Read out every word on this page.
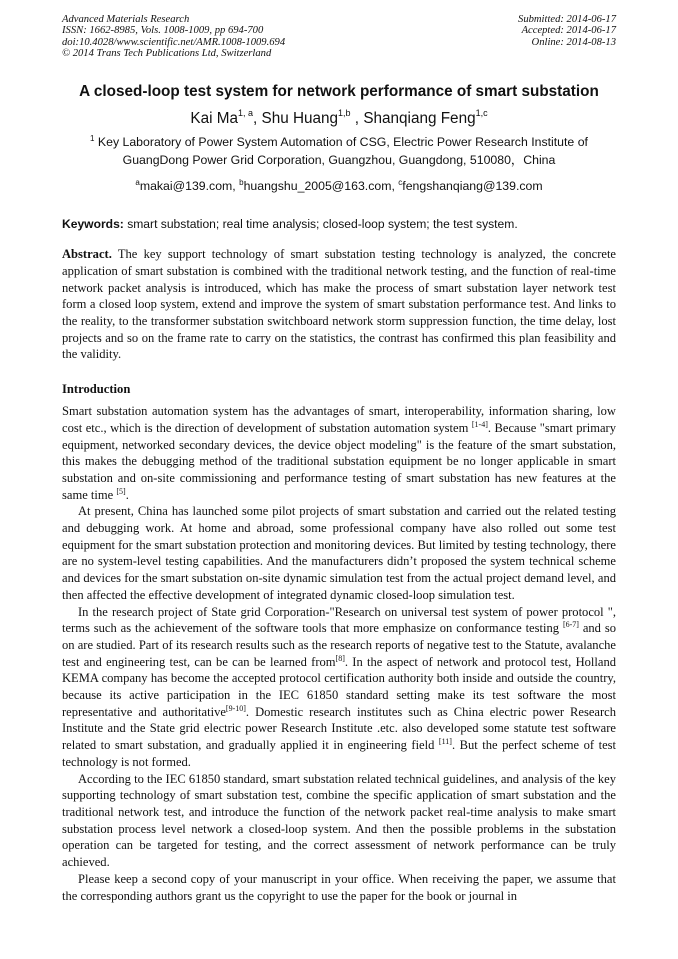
Advanced Materials Research
ISSN: 1662-8985, Vols. 1008-1009, pp 694-700
doi:10.4028/www.scientific.net/AMR.1008-1009.694
© 2014 Trans Tech Publications Ltd, Switzerland
Submitted: 2014-06-17
Accepted: 2014-06-17
Online: 2014-08-13
A closed-loop test system for network performance of smart substation
Kai Ma$^{1, a}$, Shu Huang$^{1,b}$ , Shanqiang Feng$^{1,c}$
$^1$ Key Laboratory of Power System Automation of CSG, Electric Power Research Institute of
GuangDong Power Grid Corporation, Guangzhou, Guangdong, 510080，China
$^a$makai@139.com, $^b$huangshu_2005@163.com, $^c$fengshanqiang@139.com
Keywords: smart substation; real time analysis; closed-loop system; the test system.

Abstract. The key support technology of smart substation testing technology is analyzed, the concrete application of smart substation is combined with the traditional network testing, and the function of real-time network packet analysis is introduced, which has make the process of smart substation layer network test form a closed loop system, extend and improve the system of smart substation performance test. And links to the reality, to the transformer substation switchboard network storm suppression function, the time delay, lost projects and so on the frame rate to carry on the statistics, the contrast has confirmed this plan feasibility and the validity.

Introduction

Smart substation automation system has the advantages of smart, interoperability, information sharing, low cost etc., which is the direction of development of substation automation system [1-4]. Because "smart primary equipment, networked secondary devices, the device object modeling" is the feature of the smart substation, this makes the debugging method of the traditional substation equipment be no longer applicable in smart substation and on-site commissioning and performance testing of smart substation has new features at the same time [5].

At present, China has launched some pilot projects of smart substation and carried out the related testing and debugging work. At home and abroad, some professional company have also rolled out some test equipment for the smart substation protection and monitoring devices. But limited by testing technology, there are no system-level testing capabilities. And the manufacturers didn’t proposed the system technical scheme and devices for the smart substation on-site dynamic simulation test from the actual project demand level, and then affected the effective development of integrated dynamic closed-loop simulation test.

In the research project of State grid Corporation-"Research on universal test system of power protocol ", terms such as the achievement of the software tools that more emphasize on conformance testing [6-7] and so on are studied. Part of its research results such as the research reports of negative test to the Statute, avalanche test and engineering test, can be can be learned from[8]. In the aspect of network and protocol test, Holland KEMA company has become the accepted protocol certification authority both inside and outside the country, because its active participation in the IEC 61850 standard setting make its test software the most representative and authoritative[9-10]. Domestic research institutes such as China electric power Research Institute and the State grid electric power Research Institute .etc. also developed some statute test software related to smart substation, and gradually applied it in engineering field [11]. But the perfect scheme of test technology is not formed.

According to the IEC 61850 standard, smart substation related technical guidelines, and analysis of the key supporting technology of smart substation test, combine the specific application of smart substation and the traditional network test, and introduce the function of the network packet real-time analysis to make smart substation process level network a closed-loop system. And then the possible problems in the substation operation can be targeted for testing, and the correct assessment of network performance can be truly achieved.

Please keep a second copy of your manuscript in your office. When receiving the paper, we assume that the corresponding authors grant us the copyright to use the paper for the book or journal in
